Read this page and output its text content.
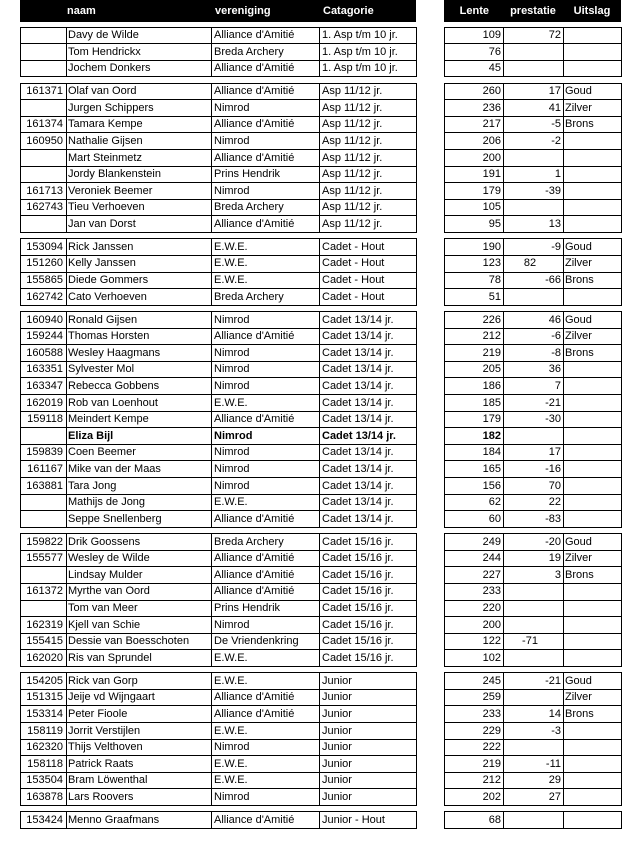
naam	vereniging	Catagorie	Lente	prestatie	Uitslag
Davy de Wilde	Alliance d'Amitié	1. Asp t/m 10 jr.	109	72
Tom Hendrickx	Breda Archery	1. Asp t/m 10 jr.	76
Jochem Donkers	Alliance d'Amitié	1. Asp t/m 10 jr.	45
161371 Olaf van Oord	Alliance d'Amitié	Asp 11/12 jr.	260	17 Goud
Jurgen Schippers	Nimrod	Asp 11/12 jr.	236	41 Zilver
161374 Tamara Kempe	Alliance d'Amitié	Asp 11/12 jr.	217	-5 Brons
160950 Nathalie Gijsen	Nimrod	Asp 11/12 jr.	206	-2
Mart Steinmetz	Alliance d'Amitié	Asp 11/12 jr.	200
Jordy Blankenstein	Prins Hendrik	Asp 11/12 jr.	191	1
161713 Veroniek Beemer	Nimrod	Asp 11/12 jr.	179	-39
162743 Tieu Verhoeven	Breda Archery	Asp 11/12 jr.	105
Jan van Dorst	Alliance d'Amitié	Asp 11/12 jr.	95	13
153094 Rick Janssen	E.W.E.	Cadet - Hout	190	-9 Goud
151260 Kelly Janssen	E.W.E.	Cadet - Hout	123	82	Zilver
155865 Diede Gommers	E.W.E.	Cadet - Hout	78	-66 Brons
162742 Cato Verhoeven	Breda Archery	Cadet - Hout	51
160940 Ronald Gijsen	Nimrod	Cadet 13/14 jr.	226	46 Goud
159244 Thomas Horsten	Alliance d'Amitié	Cadet 13/14 jr.	212	-6 Zilver
160588 Wesley Haagmans	Nimrod	Cadet 13/14 jr.	219	-8 Brons
163351 Sylvester Mol	Nimrod	Cadet 13/14 jr.	205	36
163347 Rebecca Gobbens	Nimrod	Cadet 13/14 jr.	186	7
162019 Rob van Loenhout	E.W.E.	Cadet 13/14 jr.	185	-21
159118 Meindert Kempe	Alliance d'Amitié	Cadet 13/14 jr.	179	-30
Eliza Bijl	Nimrod	Cadet 13/14 jr.	182
159839 Coen Beemer	Nimrod	Cadet 13/14 jr.	184	17
161167 Mike van der Maas	Nimrod	Cadet 13/14 jr.	165	-16
163881 Tara Jong	Nimrod	Cadet 13/14 jr.	156	70
Mathijs de Jong	E.W.E.	Cadet 13/14 jr.	62	22
Seppe Snellenberg	Alliance d'Amitié	Cadet 13/14 jr.	60	-83
159822 Drik Goossens	Breda Archery	Cadet 15/16 jr.	249	-20 Goud
155577 Wesley de Wilde	Alliance d'Amitié	Cadet 15/16 jr.	244	19 Zilver
Lindsay Mulder	Alliance d'Amitié	Cadet 15/16 jr.	227	3 Brons
161372 Myrthe van Oord	Alliance d'Amitié	Cadet 15/16 jr.	233
Tom van Meer	Prins Hendrik	Cadet 15/16 jr.	220
162319 Kjell van Schie	Nimrod	Cadet 15/16 jr.	200
155415 Dessie van Boesschoten	De Vriendenkring	Cadet 15/16 jr.	122	-71
162020 Ris van Sprundel	E.W.E.	Cadet 15/16 jr.	102
154205 Rick van Gorp	E.W.E.	Junior	245	-21 Goud
151315 Jeije vd Wijngaart	Alliance d'Amitié	Junior	259	Zilver
153314 Peter Fioole	Alliance d'Amitié	Junior	233	14 Brons
158119 Jorrit Verstijlen	E.W.E.	Junior	229	-3
162320 Thijs Velthoven	Nimrod	Junior	222
158118 Patrick Raats	E.W.E.	Junior	219	-11
153504 Bram Löwenthal	E.W.E.	Junior	212	29
163878 Lars Roovers	Nimrod	Junior	202	27
153424 Menno Graafmans	Alliance d'Amitié	Junior - Hout	68
